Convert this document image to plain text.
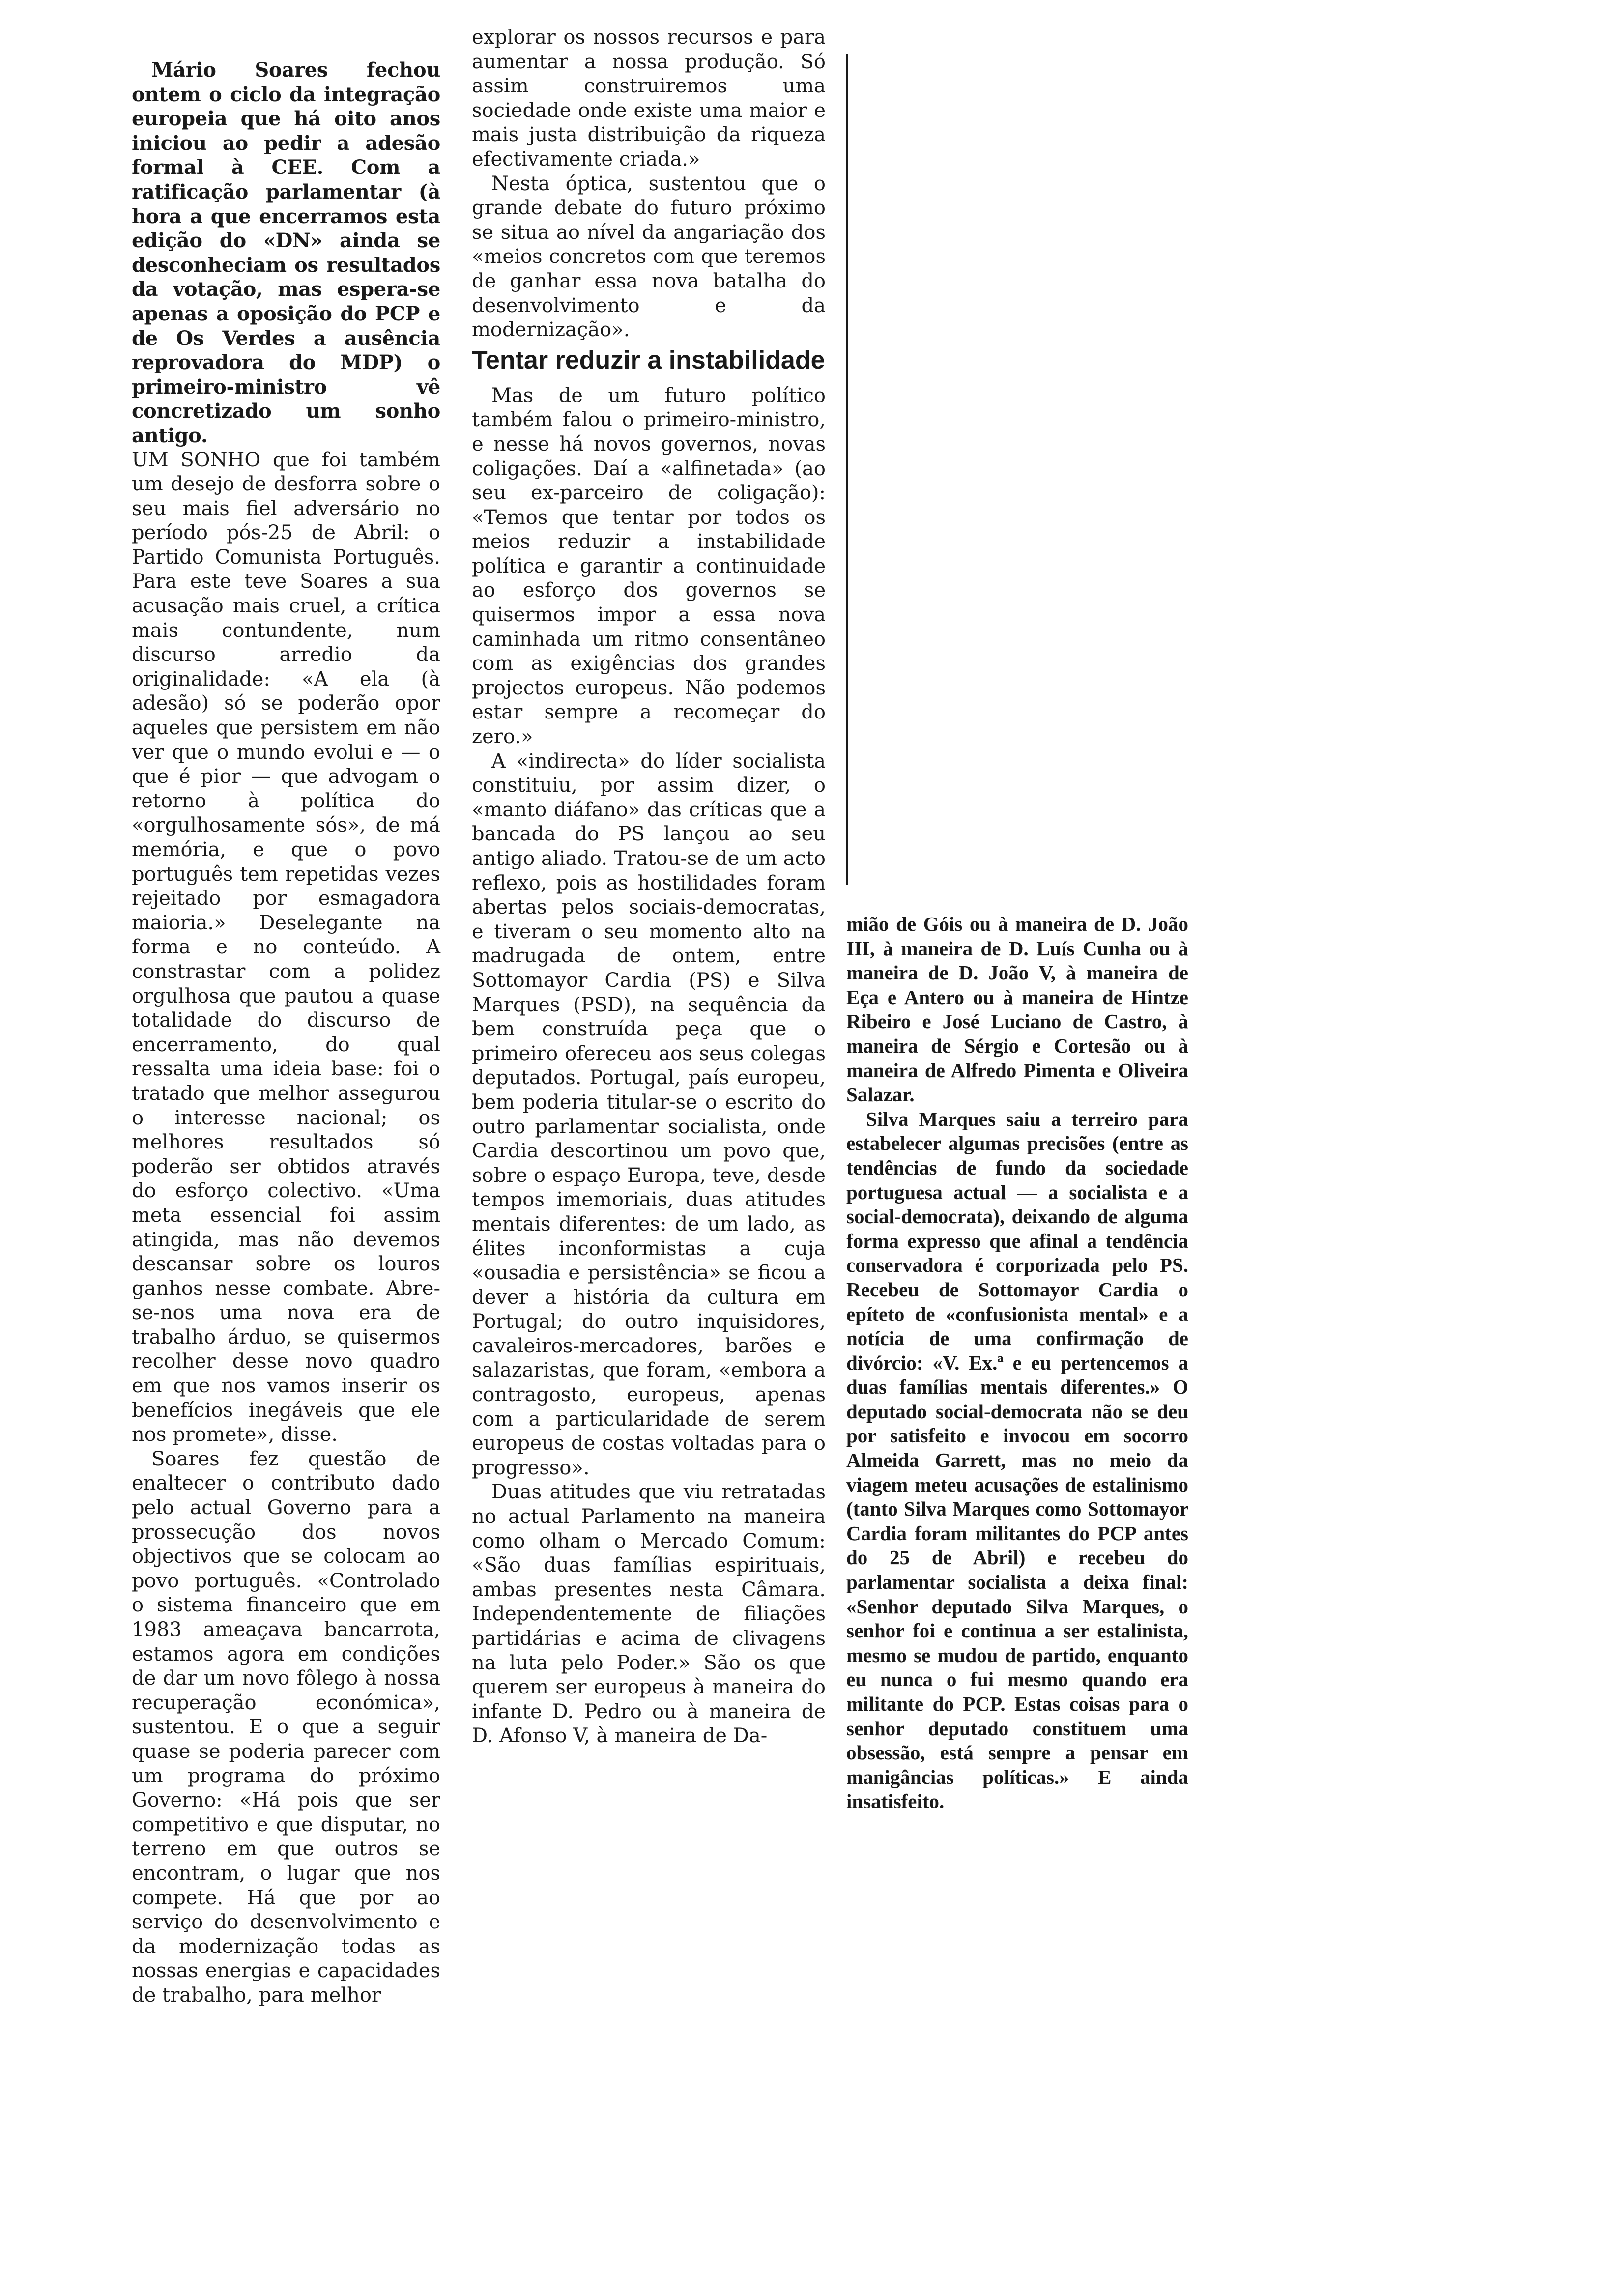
Mário Soares fechou ontem o ciclo da integração europeia que há oito anos iniciou ao pedir a adesão formal à CEE. Com a ratificação parlamentar (à hora a que encerramos esta edição do «DN» ainda se desconheciam os resultados da votação, mas espera-se apenas a oposição do PCP e de Os Verdes a ausência reprovadora do MDP) o primeiro-ministro vê concretizado um sonho antigo.

UM SONHO que foi também um desejo de desforra sobre o seu mais fiel adversário no período pós-25 de Abril: o Partido Comunista Português. Para este teve Soares a sua acusação mais cruel, a crítica mais contundente, num discurso arredio da originalidade: «A ela (à adesão) só se poderão opor aqueles que persistem em não ver que o mundo evolui e — o que é pior — que advogam o retorno à política do «orgulhosamente sós», de má memória, e que o povo português tem repetidas vezes rejeitado por esmagadora maioria.» Deselegante na forma e no conteúdo. A constrastar com a polidez orgulhosa que pautou a quase totalidade do discurso de encerramento, do qual ressalta uma ideia base: foi o tratado que melhor assegurou o interesse nacional; os melhores resultados só poderão ser obtidos através do esforço colectivo. «Uma meta essencial foi assim atingida, mas não devemos descansar sobre os louros ganhos nesse combate. Abre-se-nos uma nova era de trabalho árduo, se quisermos recolher desse novo quadro em que nos vamos inserir os benefícios inegáveis que ele nos promete», disse.

Soares fez questão de enaltecer o contributo dado pelo actual Governo para a prossecução dos novos objectivos que se colocam ao povo português. «Controlado o sistema financeiro que em 1983 ameaçava bancarrota, estamos agora em condições de dar um novo fôlego à nossa recuperação económica», sustentou. E o que a seguir quase se poderia parecer com um programa do próximo Governo: «Há pois que ser competitivo e que disputar, no terreno em que outros se encontram, o lugar que nos compete. Há que por ao serviço do desenvolvimento e da modernização todas as nossas energias e capacidades de trabalho, para melhor

explorar os nossos recursos e para aumentar a nossa produção. Só assim construiremos uma sociedade onde existe uma maior e mais justa distribuição da riqueza efectivamente criada.»

Nesta óptica, sustentou que o grande debate do futuro próximo se situa ao nível da angariação dos «meios concretos com que teremos de ganhar essa nova batalha do desenvolvimento e da modernização».

Tentar reduzir a instabilidade

Mas de um futuro político também falou o primeiro-ministro, e nesse há novos governos, novas coligações. Daí a «alfinetada» (ao seu ex-parceiro de coligação): «Temos que tentar por todos os meios reduzir a instabilidade política e garantir a continuidade ao esforço dos governos se quisermos impor a essa nova caminhada um ritmo consentâneo com as exigências dos grandes projectos europeus. Não podemos estar sempre a recomeçar do zero.»

A «indirecta» do líder socialista constituiu, por assim dizer, o «manto diáfano» das críticas que a bancada do PS lançou ao seu antigo aliado. Tratou-se de um acto reflexo, pois as hostilidades foram abertas pelos sociais-democratas, e tiveram o seu momento alto na madrugada de ontem, entre Sottomayor Cardia (PS) e Silva Marques (PSD), na sequência da bem construída peça que o primeiro ofereceu aos seus colegas deputados. Portugal, país europeu, bem poderia titular-se o escrito do outro parlamentar socialista, onde Cardia descortinou um povo que, sobre o espaço Europa, teve, desde tempos imemoriais, duas atitudes mentais diferentes: de um lado, as élites inconformistas a cuja «ousadia e persistência» se ficou a dever a história da cultura em Portugal; do outro inquisidores, cavaleiros-mercadores, barões e salazaristas, que foram, «embora a contragosto, europeus, apenas com a particularidade de serem europeus de costas voltadas para o progresso».

Duas atitudes que viu retratadas no actual Parlamento na maneira como olham o Mercado Comum: «São duas famílias espirituais, ambas presentes nesta Câmara. Independentemente de filiações partidárias e acima de clivagens na luta pelo Poder.» São os que querem ser europeus à maneira do infante D. Pedro ou à maneira de D. Afonso V, à maneira de Da-

mião de Góis ou à maneira de D. João III, à maneira de D. Luís Cunha ou à maneira de D. João V, à maneira de Eça e Antero ou à maneira de Hintze Ribeiro e José Luciano de Castro, à maneira de Sérgio e Cortesão ou à maneira de Alfredo Pimenta e Oliveira Salazar.

Silva Marques saiu a terreiro para estabelecer algumas precisões (entre as tendências de fundo da sociedade portuguesa actual — a socialista e a social-democrata), deixando de alguma forma expresso que afinal a tendência conservadora é corporizada pelo PS. Recebeu de Sottomayor Cardia o epíteto de «confusionista mental» e a notícia de uma confirmação de divórcio: «V. Ex.ª e eu pertencemos a duas famílias mentais diferentes.» O deputado social-democrata não se deu por satisfeito e invocou em socorro Almeida Garrett, mas no meio da viagem meteu acusações de estalinismo (tanto Silva Marques como Sottomayor Cardia foram militantes do PCP antes do 25 de Abril) e recebeu do parlamentar socialista a deixa final: «Senhor deputado Silva Marques, o senhor foi e continua a ser estalinista, mesmo se mudou de partido, enquanto eu nunca o fui mesmo quando era militante do PCP. Estas coisas para o senhor deputado constituem uma obsessão, está sempre a pensar em manigâncias políticas.» E ainda insatisfeito.
